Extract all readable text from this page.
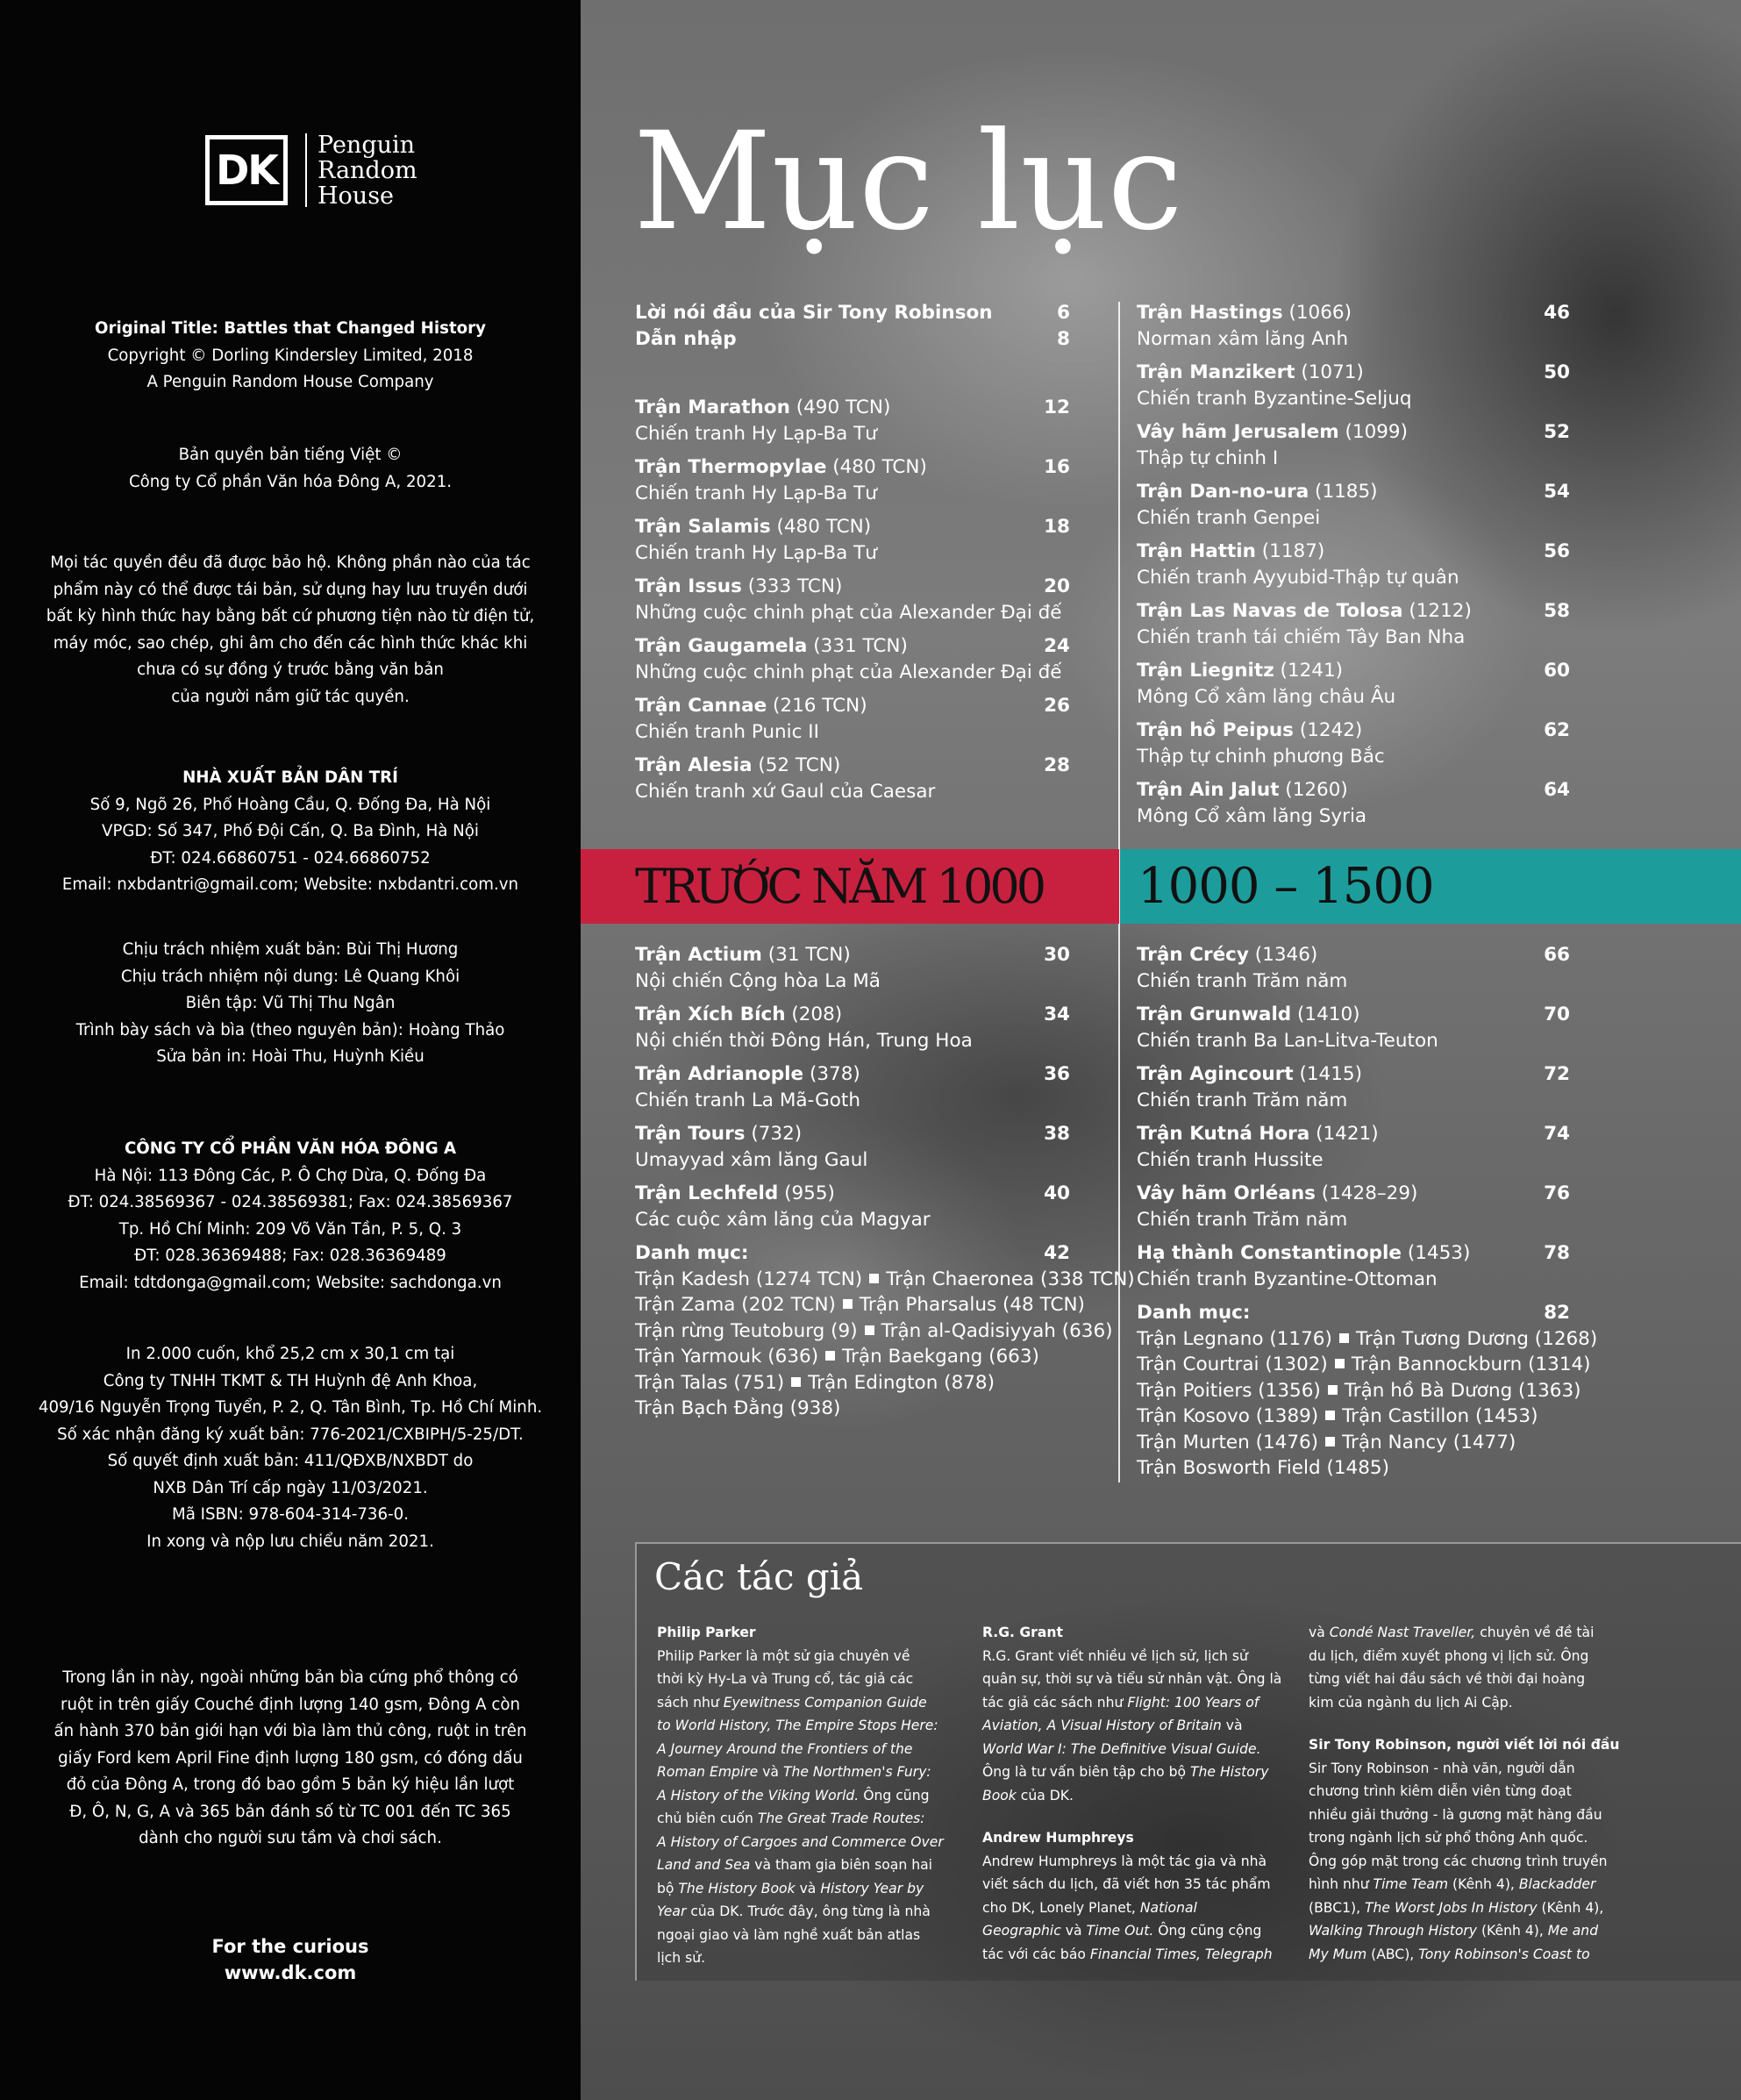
DK
Penguin
Random
House

Original Title: Battles that Changed History

Copyright © Dorling Kindersley Limited, 2018

A Penguin Random House Company

Bản quyền bản tiếng Việt ©

Công ty Cổ phần Văn hóa Đông A, 2021.

Mọi tác quyền đều đã được bảo hộ. Không phần nào của tác

phẩm này có thể được tái bản, sử dụng hay lưu truyền dưới

bất kỳ hình thức hay bằng bất cứ phương tiện nào từ điện tử,

máy móc, sao chép, ghi âm cho đến các hình thức khác khi

chưa có sự đồng ý trước bằng văn bản

của người nắm giữ tác quyền.

NHÀ XUẤT BẢN DÂN TRÍ

Số 9, Ngõ 26, Phố Hoàng Cầu, Q. Đống Đa, Hà Nội

VPGD: Số 347, Phố Đội Cấn, Q. Ba Đình, Hà Nội

ĐT: 024.66860751 - 024.66860752

Email: nxbdantri@gmail.com; Website: nxbdantri.com.vn

Chịu trách nhiệm xuất bản: Bùi Thị Hương

Chịu trách nhiệm nội dung: Lê Quang Khôi

Biên tập: Vũ Thị Thu Ngân

Trình bày sách và bìa (theo nguyên bản): Hoàng Thảo

Sửa bản in: Hoài Thu, Huỳnh Kiều

CÔNG TY CỔ PHẦN VĂN HÓA ĐÔNG A

Hà Nội: 113 Đông Các, P. Ô Chợ Dừa, Q. Đống Đa

ĐT: 024.38569367 - 024.38569381; Fax: 024.38569367

Tp. Hồ Chí Minh: 209 Võ Văn Tần, P. 5, Q. 3

ĐT: 028.36369488; Fax: 028.36369489

Email: tdtdonga@gmail.com; Website: sachdonga.vn

In 2.000 cuốn, khổ 25,2 cm x 30,1 cm tại

Công ty TNHH TKMT & TH Huỳnh đệ Anh Khoa,

409/16 Nguyễn Trọng Tuyển, P. 2, Q. Tân Bình, Tp. Hồ Chí Minh.

Số xác nhận đăng ký xuất bản: 776-2021/CXBIPH/5-25/DT.

Số quyết định xuất bản: 411/QĐXB/NXBDT do

NXB Dân Trí cấp ngày 11/03/2021.

Mã ISBN: 978-604-314-736-0.

In xong và nộp lưu chiểu năm 2021.

Trong lần in này, ngoài những bản bìa cứng phổ thông có

ruột in trên giấy Couché định lượng 140 gsm, Đông A còn

ấn hành 370 bản giới hạn với bìa làm thủ công, ruột in trên

giấy Ford kem April Fine định lượng 180 gsm, có đóng dấu

đỏ của Đông A, trong đó bao gồm 5 bản ký hiệu lần lượt

Đ, Ô, N, G, A và 365 bản đánh số từ TC 001 đến TC 365

dành cho người sưu tầm và chơi sách.

For the curious

www.dk.com

Mục lục
Lời nói đầu của Sir Tony Robinson	6
Dẫn nhập	8
Trận Marathon (490 TCN)	12
Chiến tranh Hy Lạp-Ba Tư
Trận Thermopylae (480 TCN)	16
Chiến tranh Hy Lạp-Ba Tư
Trận Salamis (480 TCN)	18
Chiến tranh Hy Lạp-Ba Tư
Trận Issus (333 TCN)	20
Những cuộc chinh phạt của Alexander Đại đế
Trận Gaugamela (331 TCN)	24
Những cuộc chinh phạt của Alexander Đại đế
Trận Cannae (216 TCN)	26
Chiến tranh Punic II
Trận Alesia (52 TCN)	28
Chiến tranh xứ Gaul của Caesar
Trận Hastings (1066)	46
Norman xâm lăng Anh
Trận Manzikert (1071)	50
Chiến tranh Byzantine-Seljuq
Vây hãm Jerusalem (1099)	52
Thập tự chinh I
Trận Dan-no-ura (1185)	54
Chiến tranh Genpei
Trận Hattin (1187)	56
Chiến tranh Ayyubid-Thập tự quân
Trận Las Navas de Tolosa (1212)	58
Chiến tranh tái chiếm Tây Ban Nha
Trận Liegnitz (1241)	60
Mông Cổ xâm lăng châu Âu
Trận hồ Peipus (1242)	62
Thập tự chinh phương Bắc
Trận Ain Jalut (1260)	64
Mông Cổ xâm lăng Syria
TRƯỚC NĂM 1000	1000 – 1500
Trận Actium (31 TCN)	30
Nội chiến Cộng hòa La Mã
Trận Xích Bích (208)	34
Nội chiến thời Đông Hán, Trung Hoa
Trận Adrianople (378)	36
Chiến tranh La Mã-Goth
Trận Tours (732)	38
Umayyad xâm lăng Gaul
Trận Lechfeld (955)	40
Các cuộc xâm lăng của Magyar
Danh mục:	42
Trận Kadesh (1274 TCN) Trận Chaeronea (338 TCN)
Trận Zama (202 TCN) Trận Pharsalus (48 TCN)
Trận rừng Teutoburg (9) Trận al-Qadisiyyah (636)
Trận Yarmouk (636) Trận Baekgang (663)
Trận Talas (751) Trận Edington (878)
Trận Bạch Đằng (938)
Trận Crécy (1346)	66
Chiến tranh Trăm năm
Trận Grunwald (1410)	70
Chiến tranh Ba Lan-Litva-Teuton
Trận Agincourt (1415)	72
Chiến tranh Trăm năm
Trận Kutná Hora (1421)	74
Chiến tranh Hussite
Vây hãm Orléans (1428–29)	76
Chiến tranh Trăm năm
Hạ thành Constantinople (1453)	78
Chiến tranh Byzantine-Ottoman
Danh mục:	82
Trận Legnano (1176) Trận Tương Dương (1268)
Trận Courtrai (1302) Trận Bannockburn (1314)
Trận Poitiers (1356) Trận hồ Bà Dương (1363)
Trận Kosovo (1389) Trận Castillon (1453)
Trận Murten (1476) Trận Nancy (1477)
Trận Bosworth Field (1485)
Các tác giả
Philip Parker
Philip Parker là một sử gia chuyên về
thời kỳ Hy-La và Trung cổ, tác giả các
sách như Eyewitness Companion Guide
to World History, The Empire Stops Here:
A Journey Around the Frontiers of the
Roman Empire và The Northmen's Fury:
A History of the Viking World. Ông cũng
chủ biên cuốn The Great Trade Routes:
A History of Cargoes and Commerce Over
Land and Sea và tham gia biên soạn hai
bộ The History Book và History Year by
Year của DK. Trước đây, ông từng là nhà
ngoại giao và làm nghề xuất bản atlas
lịch sử.
R.G. Grant
R.G. Grant viết nhiều về lịch sử, lịch sử
quân sự, thời sự và tiểu sử nhân vật. Ông là
tác giả các sách như Flight: 100 Years of
Aviation, A Visual History of Britain và
World War I: The Definitive Visual Guide.
Ông là tư vấn biên tập cho bộ The History
Book của DK.
Andrew Humphreys
Andrew Humphreys là một tác gia và nhà
viết sách du lịch, đã viết hơn 35 tác phẩm
cho DK, Lonely Planet, National
Geographic và Time Out. Ông cũng cộng
tác với các báo Financial Times, Telegraph
và Condé Nast Traveller, chuyên về đề tài
du lịch, điểm xuyết phong vị lịch sử. Ông
từng viết hai đầu sách về thời đại hoàng
kim của ngành du lịch Ai Cập.
Sir Tony Robinson, người viết lời nói đầu
Sir Tony Robinson - nhà văn, người dẫn
chương trình kiêm diễn viên từng đoạt
nhiều giải thưởng - là gương mặt hàng đầu
trong ngành lịch sử phổ thông Anh quốc.
Ông góp mặt trong các chương trình truyền
hình như Time Team (Kênh 4), Blackadder
(BBC1), The Worst Jobs In History (Kênh 4),
Walking Through History (Kênh 4), Me and
My Mum (ABC), Tony Robinson's Coast to
